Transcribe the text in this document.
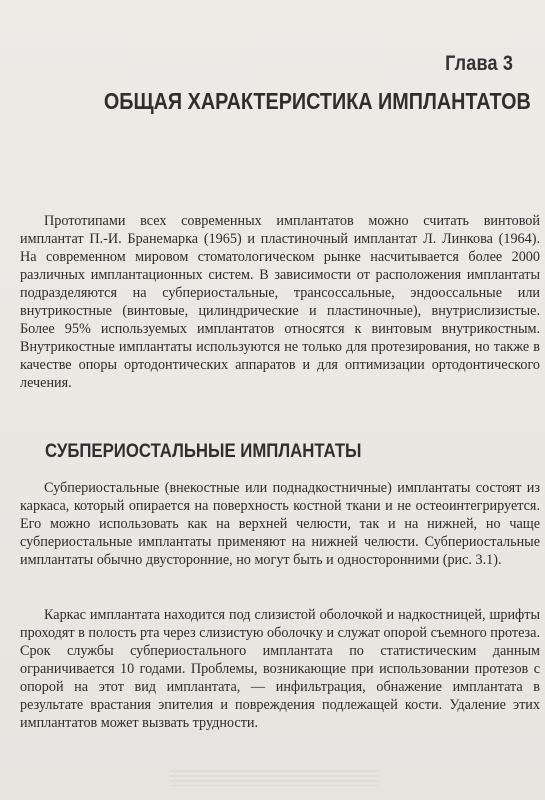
Глава 3
ОБЩАЯ ХАРАКТЕРИСТИКА ИМПЛАНТАТОВ

Прототипами всех современных имплантатов можно считать винтовой имплантат П.-И. Бранемарка (1965) и пластиночный имплантат Л. Линкова (1964). На современном мировом стоматологическом рынке насчитывается более 2000 различных имплантационных систем. В зависимости от расположения имплантаты подразделяются на субпериостальные, трансоссальные, эндооссальные или внутрикостные (винтовые, цилиндрические и пластиночные), внутрислизистые. Более 95% используемых имплантатов относятся к винтовым внутрикостным. Внутрикостные имплантаты используются не только для протезирования, но также в качестве опоры ортодонтических аппаратов и для оптимизации ортодонтического лечения.

СУБПЕРИОСТАЛЬНЫЕ ИМПЛАНТАТЫ

Субпериостальные (внекостные или поднадкостничные) имплантаты состоят из каркаса, который опирается на поверхность костной ткани и не остеоинтегрируется. Его можно использовать как на верхней челюсти, так и на нижней, но чаще субпериостальные имплантаты применяют на нижней челюсти. Субпериостальные имплантаты обычно двусторонние, но могут быть и односторонними (рис. 3.1).

Каркас имплантата находится под слизистой оболочкой и надкостницей, шрифты проходят в полость рта через слизистую оболочку и служат опорой съемного протеза. Срок службы субпериостального имплантата по статистическим данным ограничивается 10 годами. Проблемы, возникающие при использовании протезов с опорой на этот вид имплантата, — инфильтрация, обнажение имплантата в результате врастания эпителия и повреждения подлежащей кости. Удаление этих имплантатов может вызвать трудности.
